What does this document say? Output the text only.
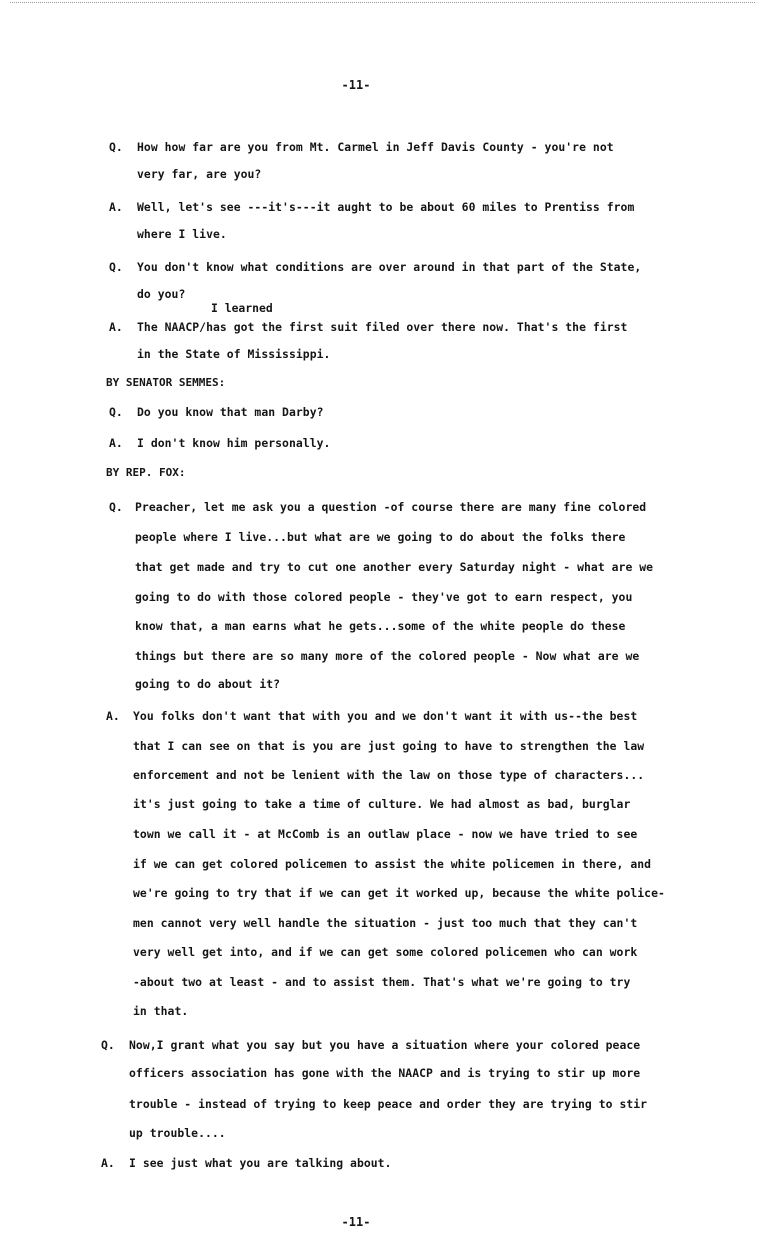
-11-
Q. How how far are you from Mt. Carmel in Jeff Davis County - you're not
very far, are you?
A. Well, let's see ---it's---it aught to be about 60 miles to Prentiss from
where I live.
Q. You don't know what conditions are over around in that part of the State,
do you?
I learned
A. The NAACP/has got the first suit filed over there now. That's the first
in the State of Mississippi.
BY SENATOR SEMMES:
Q. Do you know that man Darby?
A. I don't know him personally.
BY REP. FOX:
Q. Preacher, let me ask you a question -of course there are many fine colored
people where I live...but what are we going to do about the folks there
that get made and try to cut one another every Saturday night - what are we
going to do with those colored people - they've got to earn respect, you
know that, a man earns what he gets...some of the white people do these
things but there are so many more of the colored people - Now what are we
going to do about it?
A. You folks don't want that with you and we don't want it with us--the best
that I can see on that is you are just going to have to strengthen the law
enforcement and not be lenient with the law on those type of characters...
it's just going to take a time of culture. We had almost as bad, burglar
town we call it - at McComb is an outlaw place - now we have tried to see
if we can get colored policemen to assist the white policemen in there, and
we're going to try that if we can get it worked up, because the white police-
men cannot very well handle the situation - just too much that they can't
very well get into, and if we can get some colored policemen who can work
-about two at least - and to assist them. That's what we're going to try
in that.
Q. Now,I grant what you say but you have a situation where your colored peace
officers association has gone with the NAACP and is trying to stir up more
trouble - instead of trying to keep peace and order they are trying to stir
up trouble....
A. I see just what you are talking about.
-11-
